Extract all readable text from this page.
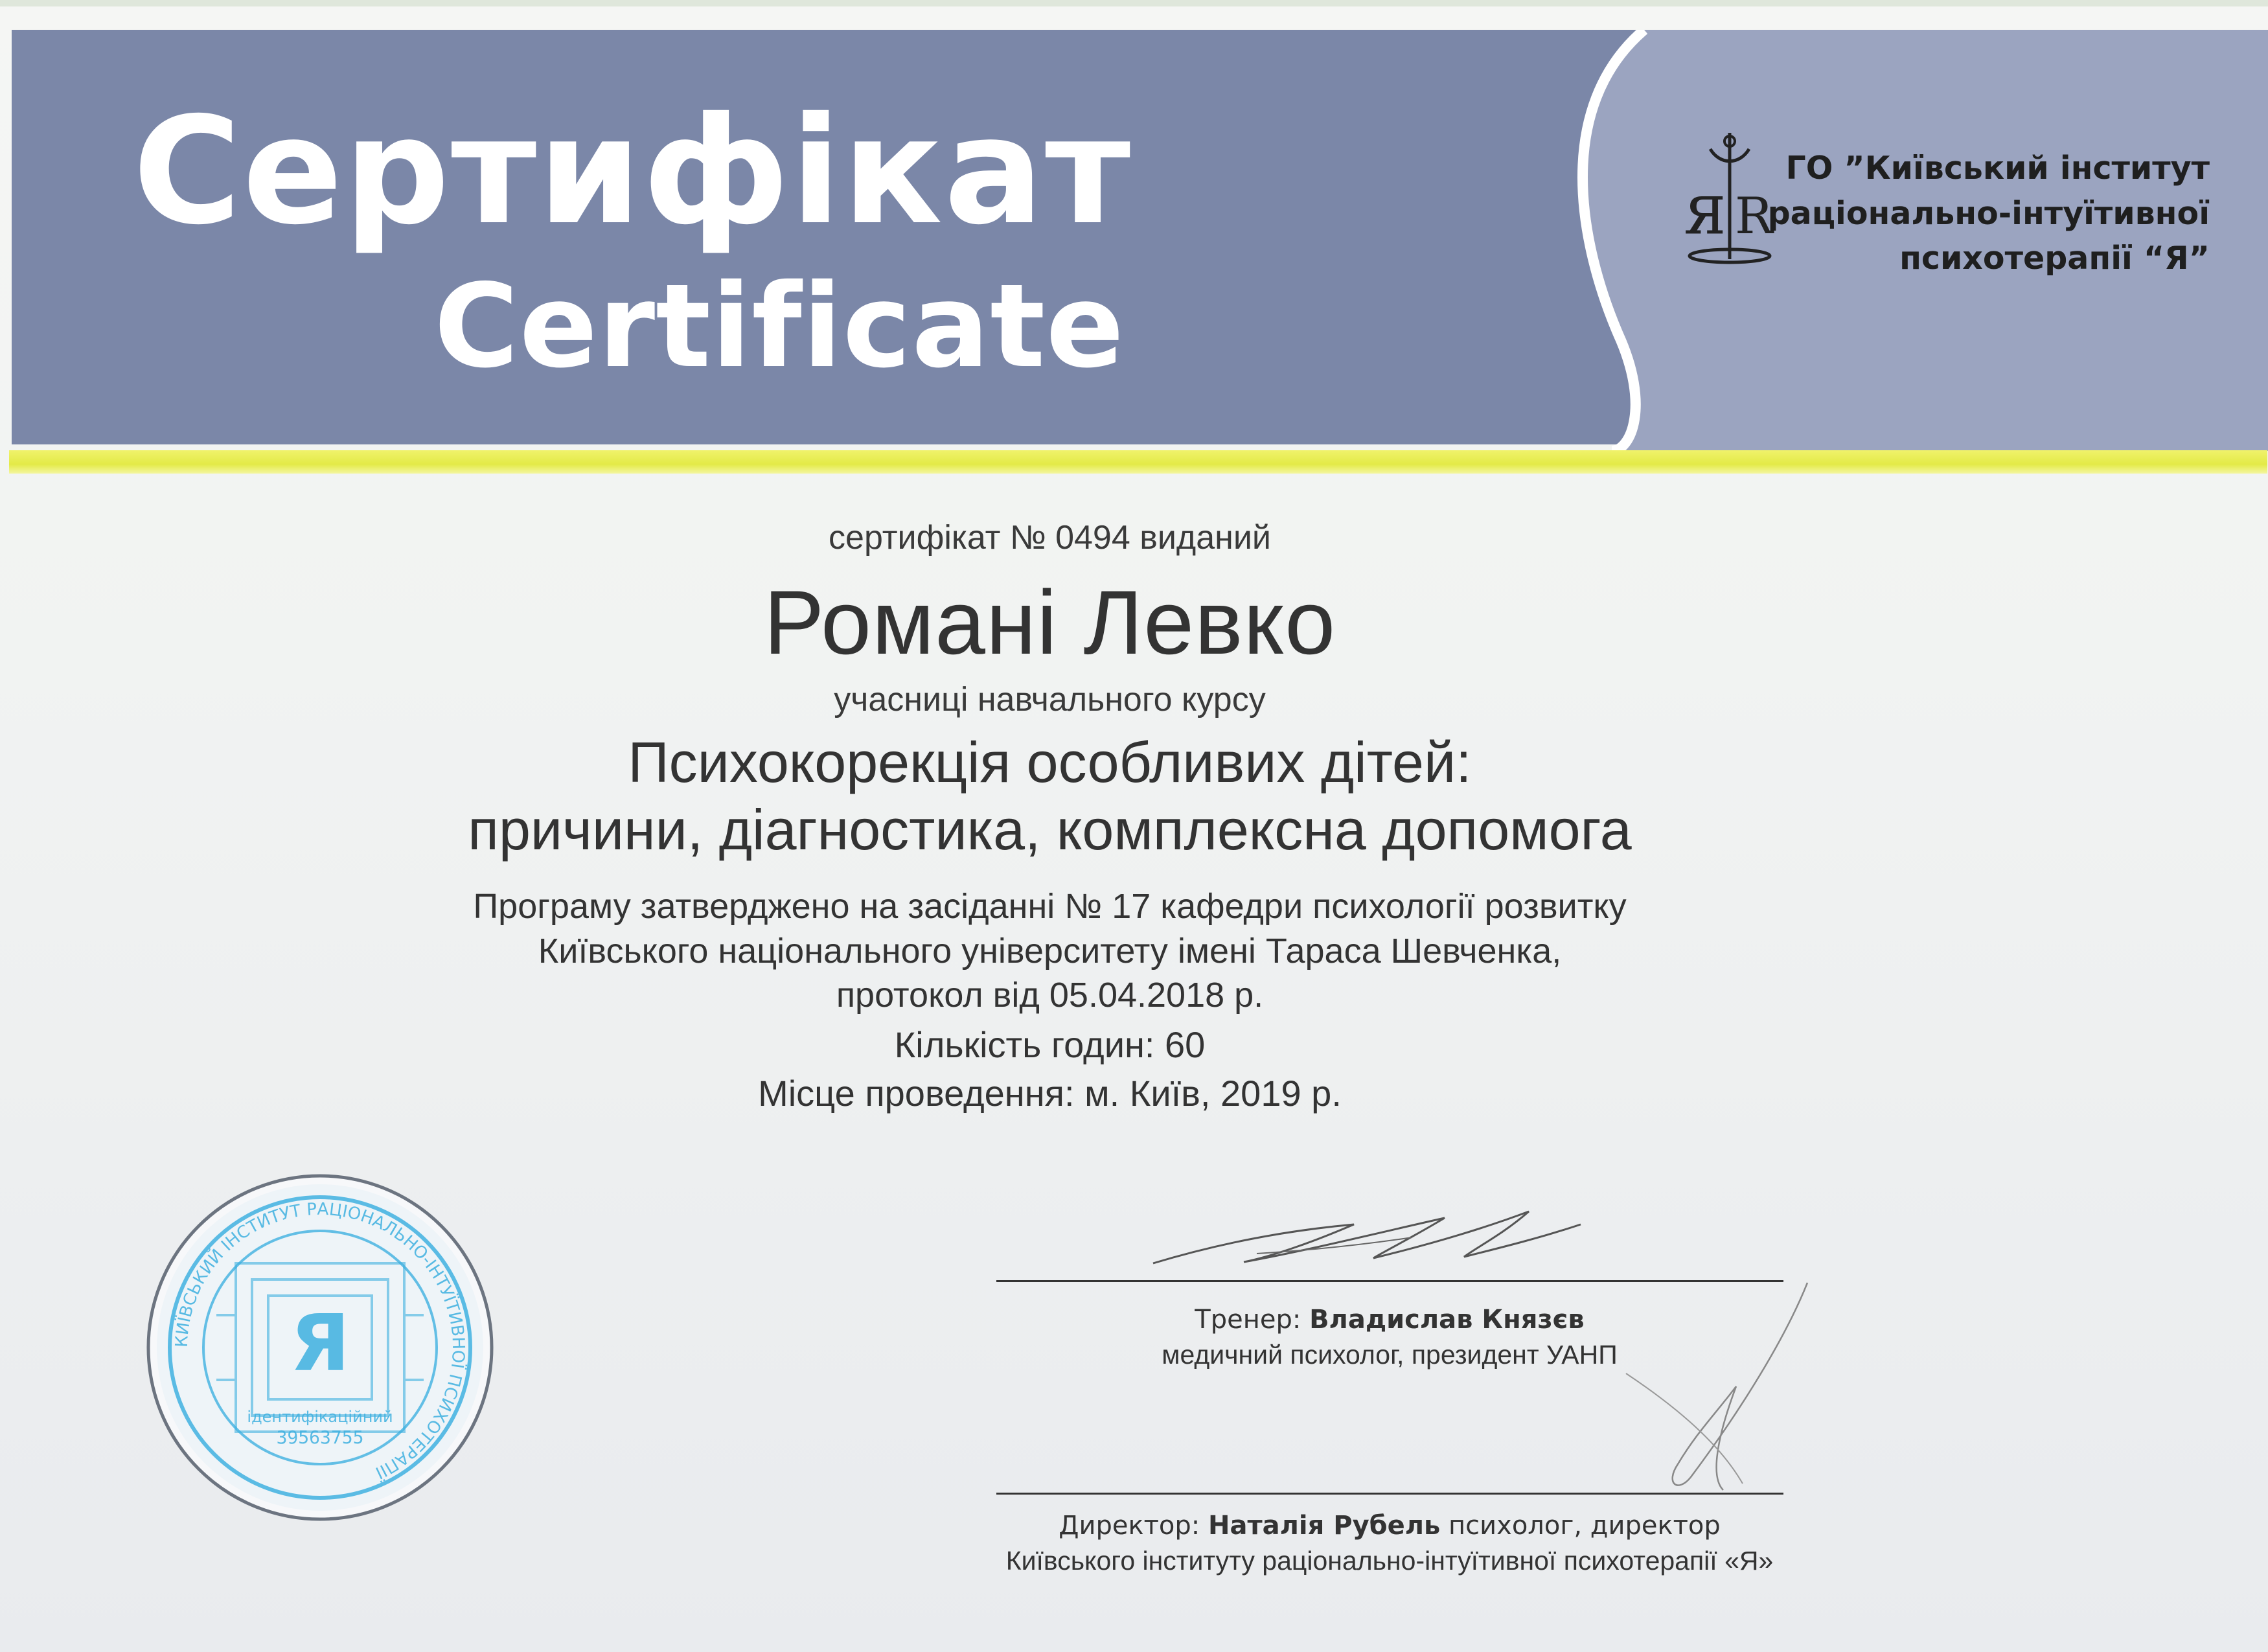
Сертифікат
Certificate
Я R
ГО ”Київський інститут
раціонально-інтуїтивної
психотерапії “Я”
сертифікат № 0494 виданий
Романі Левко
учасниці навчального курсу
Психокорекція особливих дітей:
причини, діагностика, комплексна допомога
Програму затверджено на засіданні № 17 кафедри психології розвитку
Київського національного університету імені Тараса Шевченка,
протокол від 05.04.2018 р.
Кількість годин: 60
Місце проведення: м. Київ, 2019 р.
Тренер: Владислав Князєв
медичний психолог, президент УАНП
Директор: Наталія Рубель психолог, директор
Київського інституту раціонально-інтуїтивної психотерапії «Я»
КИЇВСЬКИЙ ІНСТИТУТ РАЦІОНАЛЬНО-ІНТУЇТИВНОЇ ПСИХОТЕРАПІЇ
Я
ідентифікаційний
39563755
